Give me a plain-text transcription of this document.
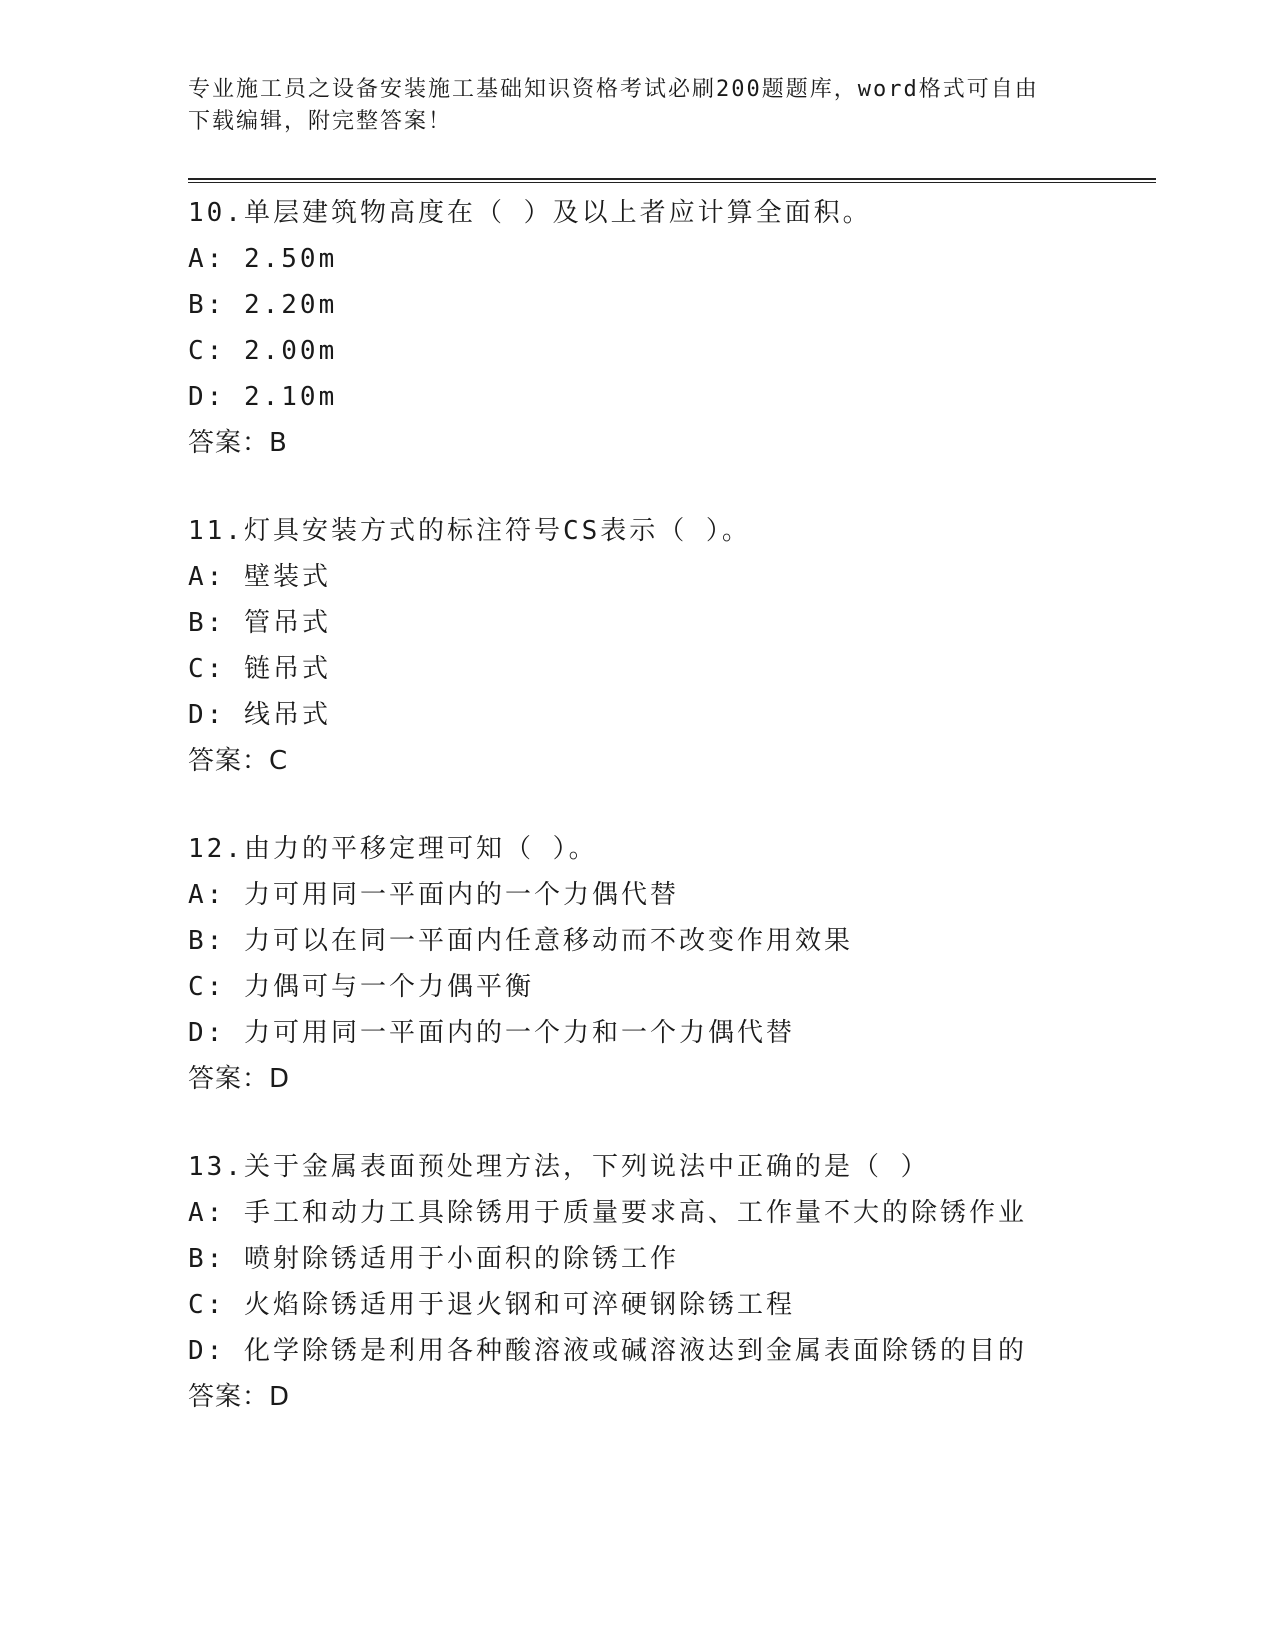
专业施工员之设备安装施工基础知识资格考试必刷200题题库，word格式可自由
下载编辑，附完整答案！
10.单层建筑物高度在（ ）及以上者应计算全面积。
A: 2.50m
B: 2.20m
C: 2.00m
D: 2.10m
答案：B
11.灯具安装方式的标注符号CS表示（ ）。
A: 壁装式
B: 管吊式
C: 链吊式
D: 线吊式
答案：C
12.由力的平移定理可知（ ）。
A: 力可用同一平面内的一个力偶代替
B: 力可以在同一平面内任意移动而不改变作用效果
C: 力偶可与一个力偶平衡
D: 力可用同一平面内的一个力和一个力偶代替
答案：D
13.关于金属表面预处理方法，下列说法中正确的是（ ）
A: 手工和动力工具除锈用于质量要求高、工作量不大的除锈作业
B: 喷射除锈适用于小面积的除锈工作
C: 火焰除锈适用于退火钢和可淬硬钢除锈工程
D: 化学除锈是利用各种酸溶液或碱溶液达到金属表面除锈的目的
答案：D
